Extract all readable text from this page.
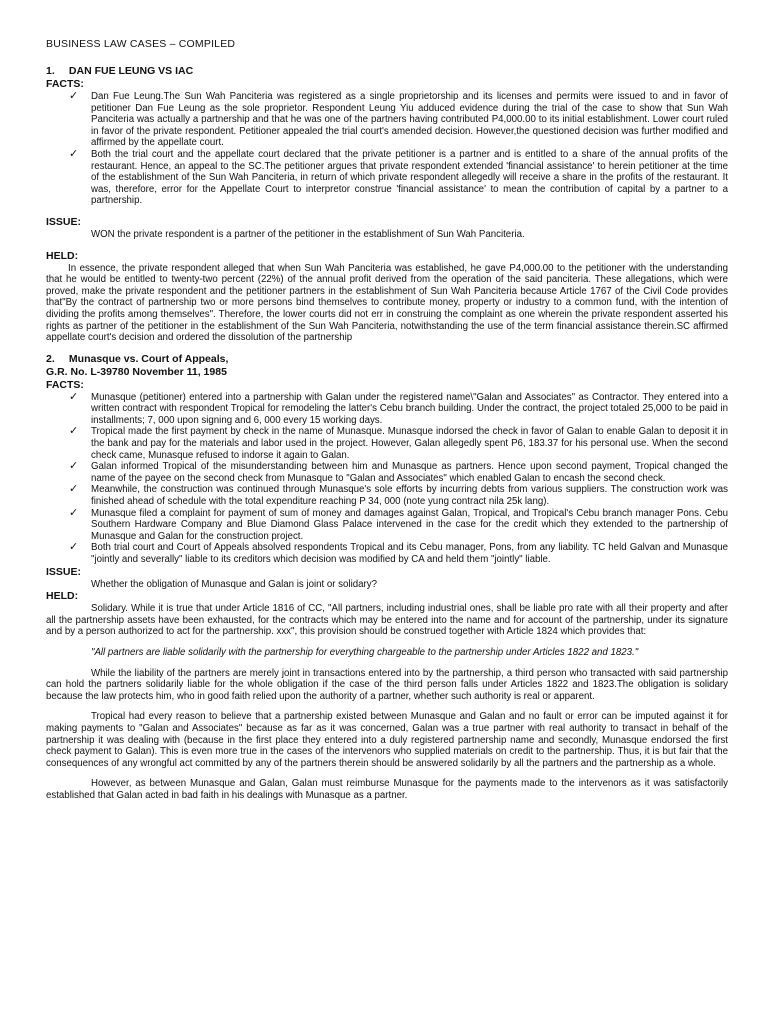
BUSINESS LAW CASES – COMPILED
1. DAN FUE LEUNG VS IAC
FACTS:
✓ Dan Fue Leung.The Sun Wah Panciteria was registered as a single proprietorship and its licenses and permits were issued to and in favor of petitioner Dan Fue Leung as the sole proprietor. Respondent Leung Yiu adduced evidence during the trial of the case to show that Sun Wah Panciteria was actually a partnership and that he was one of the partners having contributed P4,000.00 to its initial establishment. Lower court ruled in favor of the private respondent. Petitioner appealed the trial court's amended decision. However,the questioned decision was further modified and affirmed by the appellate court.
✓ Both the trial court and the appellate court declared that the private petitioner is a partner and is entitled to a share of the annual profits of the restaurant. Hence, an appeal to the SC.The petitioner argues that private respondent extended 'financial assistance' to herein petitioner at the time of the establishment of the Sun Wah Panciteria, in return of which private respondent allegedly will receive a share in the profits of the restaurant. It was, therefore, error for the Appellate Court to interpretor construe 'financial assistance' to mean the contribution of capital by a partner to a partnership.
ISSUE:

WON the private respondent is a partner of the petitioner in the establishment of Sun Wah Panciteria.

HELD:

In essence, the private respondent alleged that when Sun Wah Panciteria was established, he gave P4,000.00 to the petitioner with the understanding that he would be entitled to twenty-two percent (22%) of the annual profit derived from the operation of the said panciteria. These allegations, which were proved, make the private respondent and the petitioner partners in the establishment of Sun Wah Panciteria because Article 1767 of the Civil Code provides that"By the contract of partnership two or more persons bind themselves to contribute money, property or industry to a common fund, with the intention of dividing the profits among themselves". Therefore, the lower courts did not err in construing the complaint as one wherein the private respondent asserted his rights as partner of the petitioner in the establishment of the Sun Wah Panciteria, notwithstanding the use of the term financial assistance therein.SC affirmed appellate court's decision and ordered the dissolution of the partnership

2. Munasque vs. Court of Appeals,
G.R. No. L-39780 November 11, 1985
FACTS:
✓ Munasque (petitioner) entered into a partnership with Galan under the registered name\"Galan and Associates" as Contractor. They entered into a written contract with respondent Tropical for remodeling the latter's Cebu branch building. Under the contract, the project totaled 25,000 to be paid in installments; 7, 000 upon signing and 6, 000 every 15 working days.
✓ Tropical made the first payment by check in the name of Munasque. Munasque indorsed the check in favor of Galan to enable Galan to deposit it in the bank and pay for the materials and labor used in the project. However, Galan allegedly spent P6, 183.37 for his personal use. When the second check came, Munasque refused to indorse it again to Galan.
✓ Galan informed Tropical of the misunderstanding between him and Munasque as partners. Hence upon second payment, Tropical changed the name of the payee on the second check from Munasque to "Galan and Associates" which enabled Galan to encash the second check.
✓ Meanwhile, the construction was continued through Munasque's sole efforts by incurring debts from various suppliers. The construction work was finished ahead of schedule with the total expenditure reaching P 34, 000 (note yung contract nila 25k lang).
✓ Munasque filed a complaint for payment of sum of money and damages against Galan, Tropical, and Tropical's Cebu branch manager Pons. Cebu Southern Hardware Company and Blue Diamond Glass Palace intervened in the case for the credit which they extended to the partnership of Munasque and Galan for the construction project.
✓ Both trial court and Court of Appeals absolved respondents Tropical and its Cebu manager, Pons, from any liability. TC held Galvan and Munasque "jointly and severally" liable to its creditors which decision was modified by CA and held them "jointly" liable.
ISSUE:

Whether the obligation of Munasque and Galan is joint or solidary?

HELD:

Solidary. While it is true that under Article 1816 of CC, "All partners, including industrial ones, shall be liable pro rate with all their property and after all the partnership assets have been exhausted, for the contracts which may be entered into the name and for account of the partnership, under its signature and by a person authorized to act for the partnership. xxx", this provision should be construed together with Article 1824 which provides that:

"All partners are liable solidarily with the partnership for everything chargeable to the partnership under Articles 1822 and 1823."

While the liability of the partners are merely joint in transactions entered into by the partnership, a third person who transacted with said partnership can hold the partners solidarily liable for the whole obligation if the case of the third person falls under Articles 1822 and 1823.The obligation is solidary because the law protects him, who in good faith relied upon the authority of a partner, whether such authority is real or apparent.

Tropical had every reason to believe that a partnership existed between Munasque and Galan and no fault or error can be imputed against it for making payments to "Galan and Associates" because as far as it was concerned, Galan was a true partner with real authority to transact in behalf of the partnership it was dealing with (because in the first place they entered into a duly registered partnership name and secondly, Munasque endorsed the first check payment to Galan). This is even more true in the cases of the intervenors who supplied materials on credit to the partnership. Thus, it is but fair that the consequences of any wrongful act committed by any of the partners therein should be answered solidarily by all the partners and the partnership as a whole.

However, as between Munasque and Galan, Galan must reimburse Munasque for the payments made to the intervenors as it was satisfactorily established that Galan acted in bad faith in his dealings with Munasque as a partner.
